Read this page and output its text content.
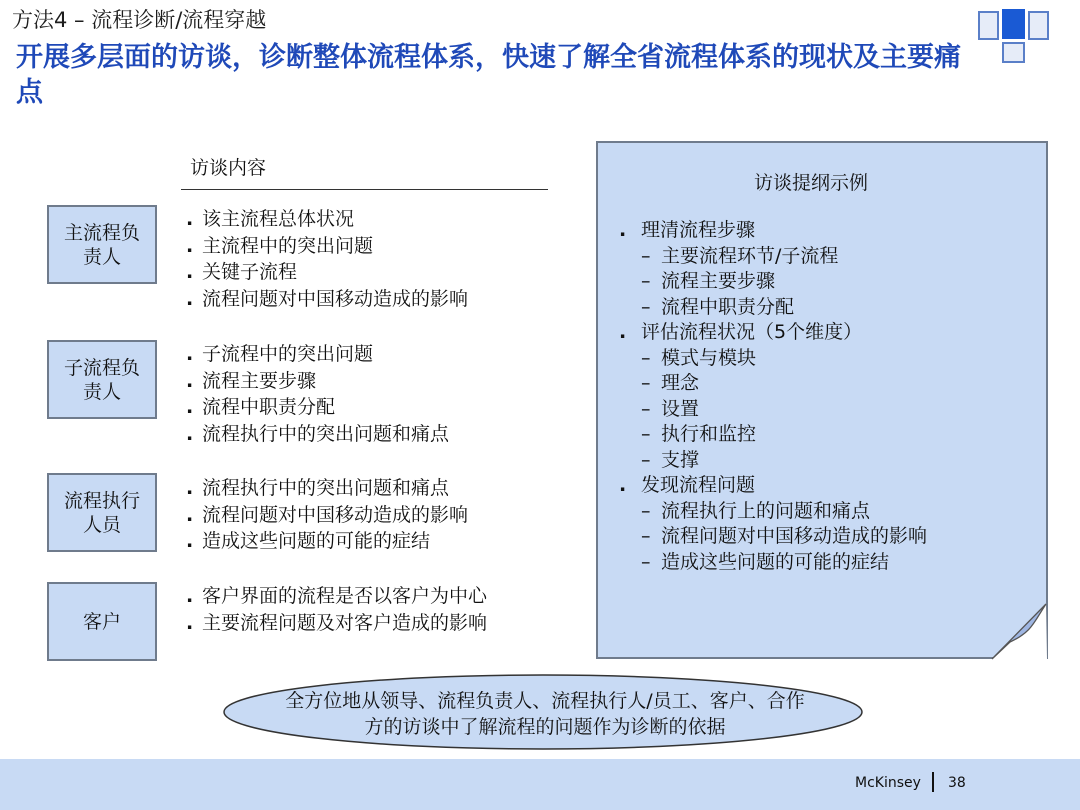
方法4 – 流程诊断/流程穿越
开展多层面的访谈，诊断整体流程体系，快速了解全省流程体系的现状及主要痛点
访谈内容
主流程负责人
. 该主流程总体状况
. 主流程中的突出问题
. 关键子流程
. 流程问题对中国移动造成的影响
子流程负责人
. 子流程中的突出问题
. 流程主要步骤
. 流程中职责分配
. 流程执行中的突出问题和痛点
流程执行人员
. 流程执行中的突出问题和痛点
. 流程问题对中国移动造成的影响
. 造成这些问题的可能的症结
客户
. 客户界面的流程是否以客户为中心
. 主要流程问题及对客户造成的影响
访谈提纲示例
. 理清流程步骤
– 主要流程环节/子流程
– 流程主要步骤
– 流程中职责分配
. 评估流程状况（5个维度）
– 模式与模块
– 理念
– 设置
– 执行和监控
– 支撑
. 发现流程问题
– 流程执行上的问题和痛点
– 流程问题对中国移动造成的影响
– 造成这些问题的可能的症结
全方位地从领导、流程负责人、流程执行人/员工、客户、合作
方的访谈中了解流程的问题作为诊断的依据
McKinsey 38
